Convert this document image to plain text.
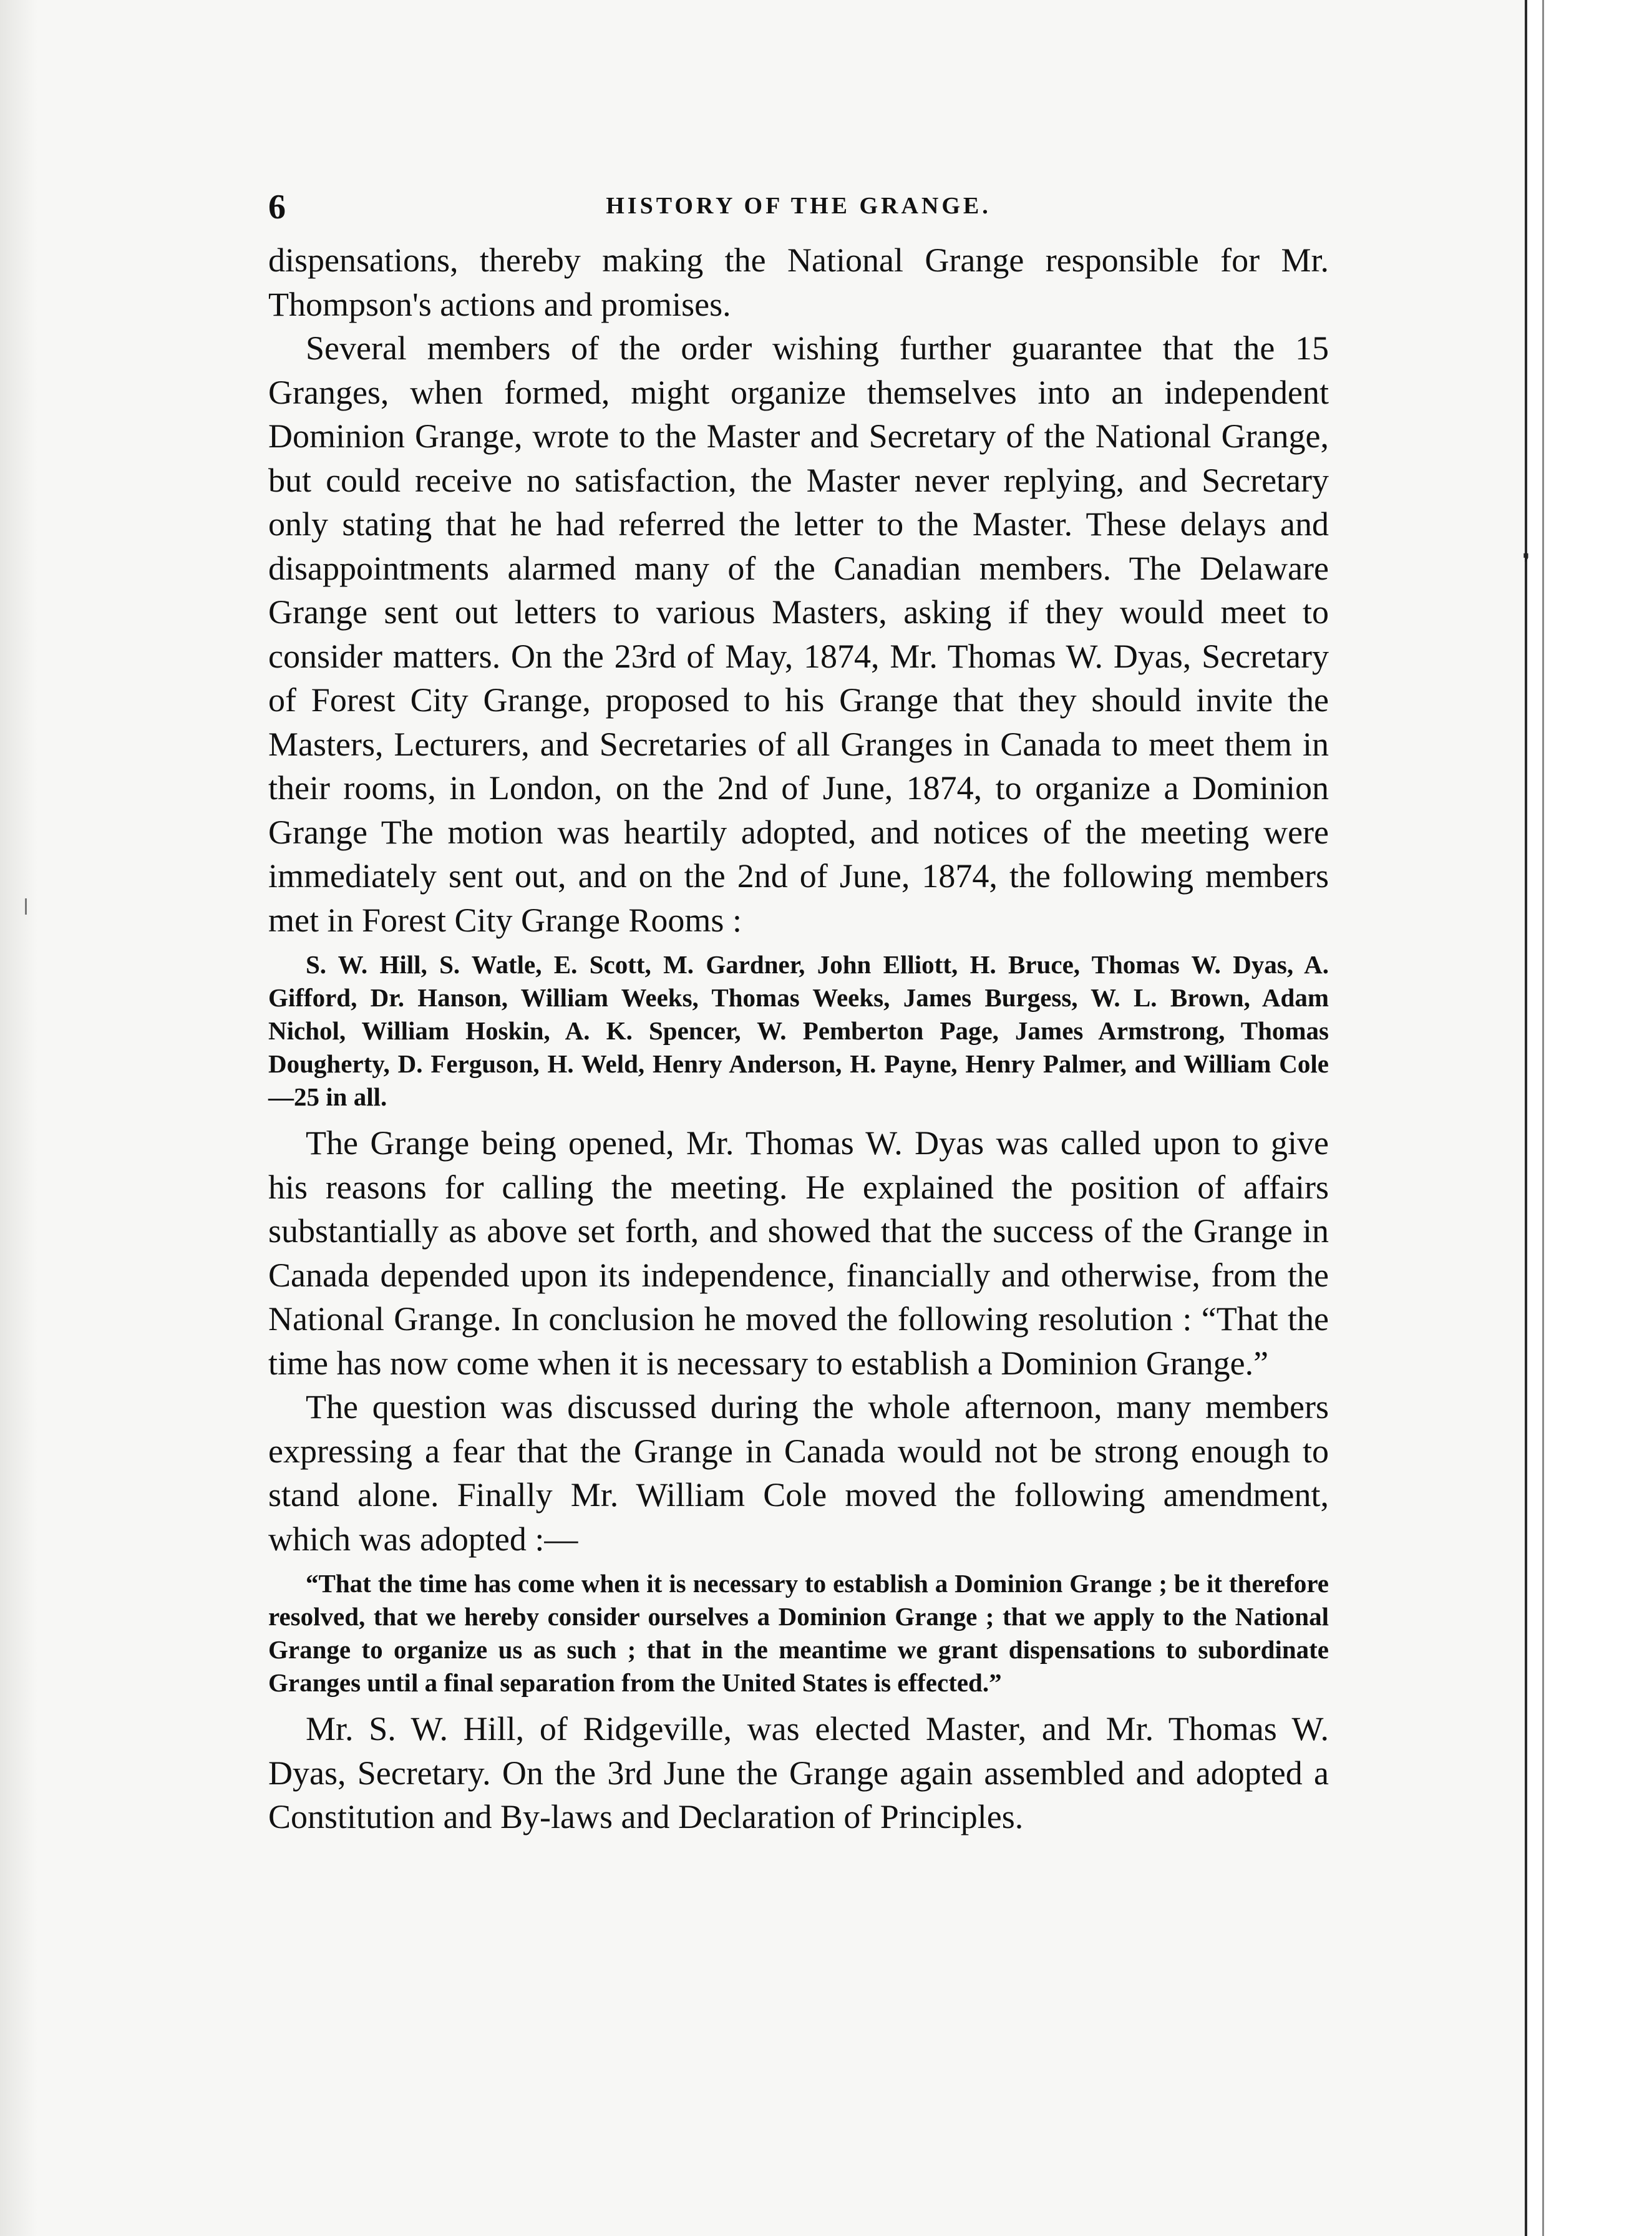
6	HISTORY OF THE GRANGE.

dispensations, thereby making the National Grange responsible for Mr. Thompson's actions and promises.

Several members of the order wishing further guarantee that the 15 Granges, when formed, might organize themselves into an independent Dominion Grange, wrote to the Master and Secretary of the National Grange, but could receive no satisfaction, the Master never replying, and Secretary only stating that he had referred the letter to the Master. These delays and disappointments alarmed many of the Canadian members. The Delaware Grange sent out letters to various Masters, asking if they would meet to consider matters. On the 23rd of May, 1874, Mr. Thomas W. Dyas, Secretary of Forest City Grange, proposed to his Grange that they should invite the Masters, Lecturers, and Secretaries of all Granges in Canada to meet them in their rooms, in London, on the 2nd of June, 1874, to organize a Dominion Grange The motion was heartily adopted, and notices of the meeting were immediately sent out, and on the 2nd of June, 1874, the following members met in Forest City Grange Rooms :

S. W. Hill, S. Watle, E. Scott, M. Gardner, John Elliott, H. Bruce, Thomas W. Dyas, A. Gifford, Dr. Hanson, William Weeks, Thomas Weeks, James Burgess, W. L. Brown, Adam Nichol, William Hoskin, A. K. Spencer, W. Pemberton Page, James Armstrong, Thomas Dougherty, D. Ferguson, H. Weld, Henry Anderson, H. Payne, Henry Palmer, and William Cole—25 in all.

The Grange being opened, Mr. Thomas W. Dyas was called upon to give his reasons for calling the meeting. He explained the position of affairs substantially as above set forth, and showed that the success of the Grange in Canada depended upon its independence, financially and otherwise, from the National Grange. In conclusion he moved the following resolution : “That the time has now come when it is necessary to establish a Dominion Grange.”

The question was discussed during the whole afternoon, many members expressing a fear that the Grange in Canada would not be strong enough to stand alone. Finally Mr. William Cole moved the following amendment, which was adopted :—

“That the time has come when it is necessary to establish a Dominion Grange ; be it therefore resolved, that we hereby consider ourselves a Dominion Grange ; that we apply to the National Grange to organize us as such ; that in the meantime we grant dispensations to subordinate Granges until a final separation from the United States is effected.”

Mr. S. W. Hill, of Ridgeville, was elected Master, and Mr. Thomas W. Dyas, Secretary. On the 3rd June the Grange again assembled and adopted a Constitution and By-laws and Declaration of Principles.

❜
